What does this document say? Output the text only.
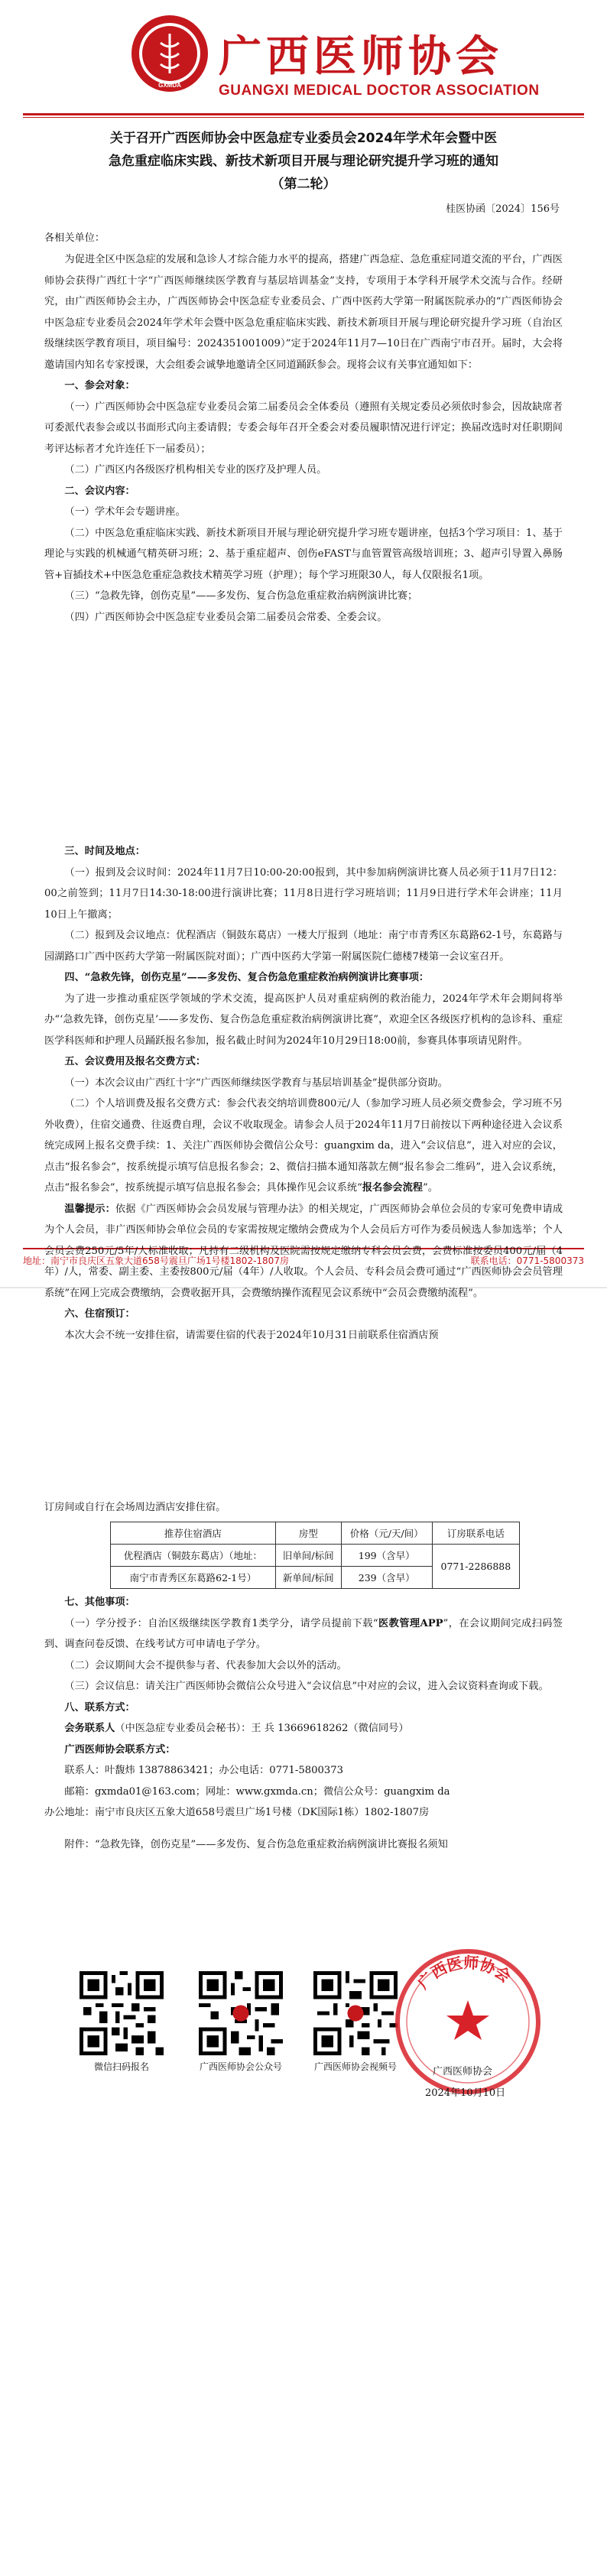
GXMDA
广西医师协会
GUANGXI MEDICAL DOCTOR ASSOCIATION
关于召开广西医师协会中医急症专业委员会2024年学术年会暨中医
急危重症临床实践、新技术新项目开展与理论研究提升学习班的通知
（第二轮）
桂医协函〔2024〕156号
各相关单位：

为促进全区中医急症的发展和急诊人才综合能力水平的提高，搭建广西急症、急危重症同道交流的平台，广西医师协会获得广西红十字“广西医师继续医学教育与基层培训基金”支持，专项用于本学科开展学术交流与合作。经研究，由广西医师协会主办，广西医师协会中医急症专业委员会、广西中医药大学第一附属医院承办的“广西医师协会中医急症专业委员会2024年学术年会暨中医急危重症临床实践、新技术新项目开展与理论研究提升学习班（自治区级继续医学教育项目，项目编号：2024351001009）”定于2024年11月7—10日在广西南宁市召开。届时，大会将邀请国内知名专家授课，大会组委会诚挚地邀请全区同道踊跃参会。现将会议有关事宜通知如下：

一、参会对象：

（一）广西医师协会中医急症专业委员会第二届委员会全体委员（遵照有关规定委员必须依时参会，因故缺席者可委派代表参会或以书面形式向主委请假；专委会每年召开全委会对委员履职情况进行评定；换届改选时对任职期间考评达标者才允许连任下一届委员）；

（二）广西区内各级医疗机构相关专业的医疗及护理人员。

二、会议内容：

（一）学术年会专题讲座。

（二）中医急危重症临床实践、新技术新项目开展与理论研究提升学习班专题讲座，包括3个学习项目：1、基于理论与实践的机械通气精英研习班；2、基于重症超声、创伤eFAST与血管置管高级培训班；3、超声引导置入鼻肠管+盲插技术+中医急危重症急救技术精英学习班（护理）；每个学习班限30人，每人仅限报名1项。

（三）“急救先锋，创伤克星”——多发伤、复合伤急危重症救治病例演讲比赛；

（四）广西医师协会中医急症专业委员会第二届委员会常委、全委会议。

地址：南宁市良庆区五象大道658号震旦广场1号楼1802-1807房	联系电话：0771-5800373

三、时间及地点：

（一）报到及会议时间：2024年11月7日10:00-20:00报到，其中参加病例演讲比赛人员必须于11月7日12：00之前签到；11月7日14:30-18:00进行演讲比赛；11月8日进行学习班培训；11月9日进行学术年会讲座；11月10日上午撤离；

（二）报到及会议地点：优程酒店（铜鼓东葛店）一楼大厅报到（地址：南宁市青秀区东葛路62-1号，东葛路与园湖路口广西中医药大学第一附属医院对面）；广西中医药大学第一附属医院仁德楼7楼第一会议室召开。

四、“急救先锋，创伤克星”——多发伤、复合伤急危重症救治病例演讲比赛事项：

为了进一步推动重症医学领域的学术交流，提高医护人员对重症病例的救治能力，2024年学术年会期间将举办“‘急救先锋，创伤克星’——多发伤、复合伤急危重症救治病例演讲比赛”，欢迎全区各级医疗机构的急诊科、重症医学科医师和护理人员踊跃报名参加，报名截止时间为2024年10月29日18:00前，参赛具体事项请见附件。

五、会议费用及报名交费方式：

（一）本次会议由广西红十字“广西医师继续医学教育与基层培训基金”提供部分资助。

（二）个人培训费及报名交费方式：参会代表交纳培训费800元/人（参加学习班人员必须交费参会，学习班不另外收费），住宿交通费、往返费自理，会议不收取现金。请参会人员于2024年11月7日前按以下两种途径进入会议系统完成网上报名交费手续：1、关注广西医师协会微信公众号：guangxim da，进入“会议信息”，进入对应的会议，点击“报名参会”，按系统提示填写信息报名参会；2、微信扫描本通知落款左侧“报名参会二维码”，进入会议系统，点击“报名参会”，按系统提示填写信息报名参会；具体操作见会议系统“报名参会流程”。

温馨提示：依据《广西医师协会会员发展与管理办法》的相关规定，广西医师协会单位会员的专家可免费申请成为个人会员，非广西医师协会单位会员的专家需按规定缴纳会费成为个人会员后方可作为委员候选人参加选举；个人会员会费250元/5年/人标准收取；凡持有二级机构及医院需按规定缴纳专科会员会费，会费标准按委员400元/届（4年）/人，常委、副主委、主委按800元/届（4年）/人收取。个人会员、专科会员会费可通过“广西医师协会会员管理系统”在网上完成会费缴纳，会费收据开具，会费缴纳操作流程见会议系统中“会员会费缴纳流程”。

六、住宿预订：

本次大会不统一安排住宿，请需要住宿的代表于2024年10月31日前联系住宿酒店预

订房间或自行在会场周边酒店安排住宿。
推荐住宿酒店	房型	价格（元/天/间）	订房联系电话
优程酒店（铜鼓东葛店）（地址：	旧单间/标间	199（含早）	0771-2286888
南宁市青秀区东葛路62-1号）	新单间/标间	239（含早）	

七、其他事项：

（一）学分授予：自治区级继续医学教育1类学分，请学员提前下载“医教管理APP”，在会议期间完成扫码签到、调查问卷反馈、在线考试方可申请电子学分。

（二）会议期间大会不提供参与者、代表参加大会以外的活动。

（三）会议信息：请关注广西医师协会微信公众号进入“会议信息”中对应的会议，进入会议资料查询或下载。

八、联系方式：

会务联系人（中医急症专业委员会秘书）：王 兵 13669618262（微信同号）

广西医师协会联系方式：

联系人：叶馥炜 13878863421；办公电话：0771-5800373

邮箱：gxmda01@163.com；网址：www.gxmda.cn；微信公众号：guangxim da

办公地址：南宁市良庆区五象大道658号震旦广场1号楼（DK国际1栋）1802-1807房

附件：“急救先锋，创伤克星”——多发伤、复合伤急危重症救治病例演讲比赛报名须知

微信扫码报名	广西医师协会公众号	广西医师协会视频号
广西医师协会
广西医师协会
2024年10月10日
